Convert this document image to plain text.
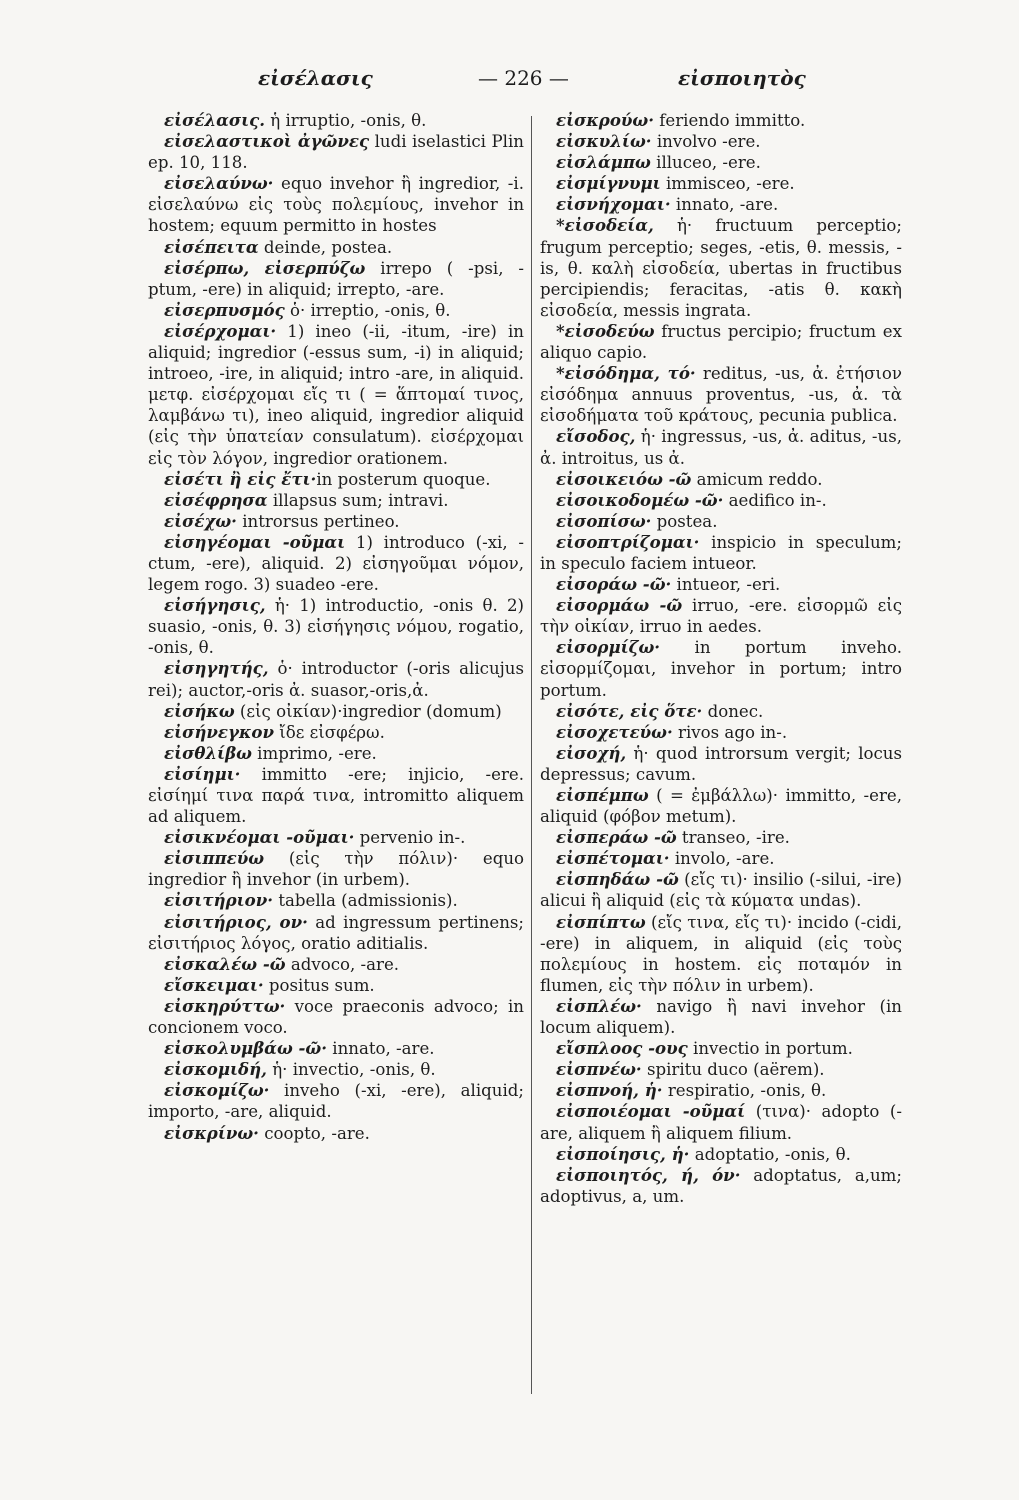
εἰσέλασις	— 226 —	εἰσποιητὸς

εἰσέλασις. ἡ irruptio, -onis, θ.

εἰσελαστικοὶ ἀγῶνες ludi iselastici Plin ep. 10, 118.

εἰσελαύνω· equo invehor ἢ ingredior, -i. εἰσελαύνω εἰς τοὺς πολεμίους, invehor in hostem; equum permitto in hostes

εἰσέπειτα deinde, postea.

εἰσέρπω, εἰσερπύζω irrepo ( -psi, -ptum, -ere) in aliquid; irrepto, -are.

εἰσερπυσμός ὁ· irreptio, -onis, θ.

εἰσέρχομαι· 1) ineo (-ii, -itum, -ire) in aliquid; ingredior (-essus sum, -i) in aliquid; introeo, -ire, in aliquid; intro -are, in aliquid. μετφ. εἰσέρχομαι εἴς τι ( = ἅπτομαί τινος, λαμβάνω τι), ineo aliquid, ingredior aliquid (εἰς τὴν ὑπατείαν consulatum). εἰσέρχομαι εἰς τὸν λόγον, ingredior orationem.

εἰσέτι ἢ εἰς ἔτι·in posterum quoque.

εἰσέφρησα illapsus sum; intravi.

εἰσέχω· introrsus pertineo.

εἰσηγέομαι -οῦμαι 1) introduco (-xi, -ctum, -ere), aliquid. 2) εἰσηγοῦμαι νόμον, legem rogo. 3) suadeo -ere.

εἰσήγησις, ἡ· 1) introductio, -onis θ. 2) suasio, -onis, θ. 3) εἰσήγησις νόμου, rogatio, -onis, θ.

εἰσηγητής, ὁ· introductor (-oris alicujus rei); auctor,-oris ἀ. suasor,-oris,ἀ.

εἰσήκω (εἰς οἰκίαν)·ingredior (domum)

εἰσήνεγκον ἴδε εἰσφέρω.

εἰσθλίβω imprimo, -ere.

εἰσίημι· immitto -ere; injicio, -ere. εἰσίημί τινα παρά τινα, intromitto aliquem ad aliquem.

εἰσικνέομαι -οῦμαι· pervenio in-.

εἰσιππεύω (εἰς τὴν πόλιν)· equo ingredior ἢ invehor (in urbem).

εἰσιτήριον· tabella (admissionis).

εἰσιτήριος, ον· ad ingressum pertinens; εἰσιτήριος λόγος, oratio aditialis.

εἰσκαλέω -ῶ advoco, -are.

εἴσκειμαι· positus sum.

εἰσκηρύττω· voce praeconis advoco; in concionem voco.

εἰσκολυμβάω -ῶ· innato, -are.

εἰσκομιδή, ἡ· invectio, -onis, θ.

εἰσκομίζω· inveho (-xi, -ere), aliquid; importo, -are, aliquid.

εἰσκρίνω· coopto, -are.

εἰσκρούω· feriendo immitto.

εἰσκυλίω· involvo -ere.

εἰσλάμπω illuceo, -ere.

εἰσμίγνυμι immisceo, -ere.

εἰσνήχομαι· innato, -are.

*εἰσοδεία, ἡ· fructuum perceptio; frugum perceptio; seges, -etis, θ. messis, -is, θ. καλὴ εἰσοδεία, ubertas in fructibus percipiendis; feracitas, -atis θ. κακὴ εἰσοδεία, messis ingrata.

*εἰσοδεύω fructus percipio; fructum ex aliquo capio.

*εἰσόδημα, τό· reditus, -us, ἀ. ἐτήσιον εἰσόδημα annuus proventus, -us, ἀ. τὰ εἰσοδήματα τοῦ κράτους, pecunia publica.

εἴσοδος, ἡ· ingressus, -us, ἀ. aditus, -us, ἀ. introitus, us ἀ.

εἰσοικειόω -ῶ amicum reddo.

εἰσοικοδομέω -ῶ· aedifico in-.

εἰσοπίσω· postea.

εἰσοπτρίζομαι· inspicio in speculum; in speculo faciem intueor.

εἰσοράω -ῶ· intueor, -eri.

εἰσορμάω -ῶ irruo, -ere. εἰσορμῶ εἰς τὴν οἰκίαν, irruo in aedes.

εἰσορμίζω· in portum inveho. εἰσορμίζομαι, invehor in portum; intro portum.

εἰσότε, εἰς ὅτε· donec.

εἰσοχετεύω· rivos ago in-.

εἰσοχή, ἡ· quod introrsum vergit; locus depressus; cavum.

εἰσπέμπω ( = ἐμβάλλω)· immitto, -ere, aliquid (φόβον metum).

εἰσπεράω -ῶ transeo, -ire.

εἰσπέτομαι· involo, -are.

εἰσπηδάω -ῶ (εἴς τι)· insilio (-silui, -ire) alicui ἢ aliquid (εἰς τὰ κύματα undas).

εἰσπίπτω (εἴς τινα, εἴς τι)· incido (-cidi, -ere) in aliquem, in aliquid (εἰς τοὺς πολεμίους in hostem. εἰς ποταμόν in flumen, εἰς τὴν πόλιν in urbem).

εἰσπλέω· navigo ἢ navi invehor (in locum aliquem).

εἴσπλοος -ους invectio in portum.

εἰσπνέω· spiritu duco (aërem).

εἰσπνοή, ἡ· respiratio, -onis, θ.

εἰσποιέομαι -οῦμαί (τινα)· adopto (-are, aliquem ἢ aliquem filium.

εἰσποίησις, ἡ· adoptatio, -onis, θ.

εἰσποιητός, ή, όν· adoptatus, a,um; adoptivus, a, um.
